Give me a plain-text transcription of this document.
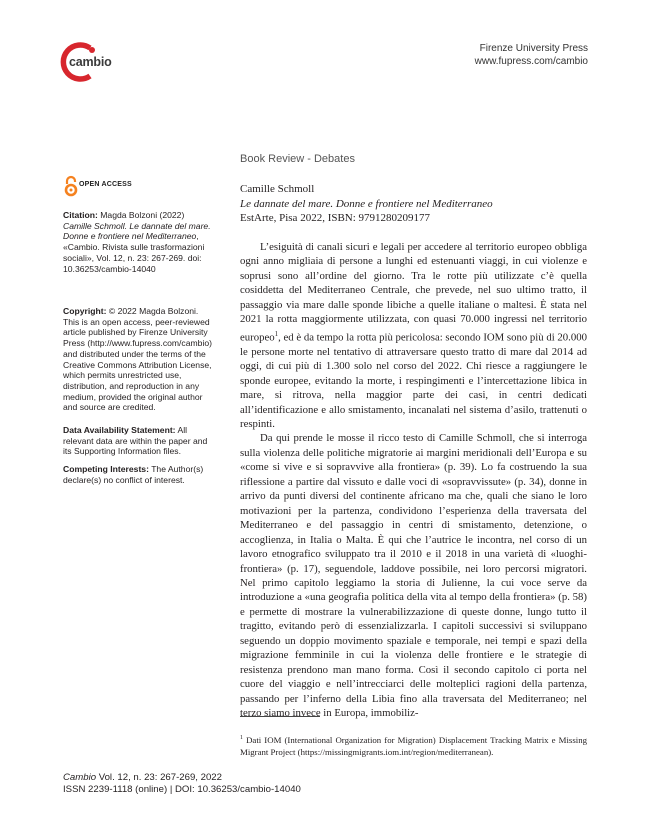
cambio
Firenze University Press
www.fupress.com/cambio
Book Review - Debates
OPEN ACCESS
Citation: Magda Bolzoni (2022) Camille Schmoll. Le dannate del mare. Donne e frontiere nel Mediterraneo, «Cambio. Rivista sulle trasformazioni sociali», Vol. 12, n. 23: 267-269. doi: 10.36253/cambio-14040
Copyright: © 2022 Magda Bolzoni. This is an open access, peer-reviewed article published by Firenze University Press (http://www.fupress.com/cambio) and distributed under the terms of the Creative Commons Attribution License, which permits unrestricted use, distribution, and reproduction in any medium, provided the original author and source are credited.
Data Availability Statement: All relevant data are within the paper and its Supporting Information files.
Competing Interests: The Author(s) declare(s) no conflict of interest.
Camille Schmoll
Le dannate del mare. Donne e frontiere nel Mediterraneo
EstArte, Pisa 2022, ISBN: 9791280209177

L’esiguità di canali sicuri e legali per accedere al territorio europeo obbliga ogni anno migliaia di persone a lunghi ed estenuanti viaggi, in cui violenze e soprusi sono all’ordine del giorno. Tra le rotte più utilizzate c’è quella cosiddetta del Mediterraneo Centrale, che prevede, nel suo ultimo tratto, il passaggio via mare dalle sponde libiche a quelle italiane o maltesi. È stata nel 2021 la rotta maggiormente utilizzata, con quasi 70.000 ingressi nel territorio europeo$^1$, ed è da tempo la rotta più pericolosa: secondo IOM sono più di 20.000 le persone morte nel tentativo di attraversare questo tratto di mare dal 2014 ad oggi, di cui più di 1.300 solo nel corso del 2022. Chi riesce a raggiungere le sponde europee, evitando la morte, i respingimenti e l’intercettazione libica in mare, si ritrova, nella maggior parte dei casi, in centri dedicati all’identificazione e allo smistamento, incanalati nel sistema d’asilo, trattenuti o respinti.

Da qui prende le mosse il ricco testo di Camille Schmoll, che si interroga sulla violenza delle politiche migratorie ai margini meridionali dell’Europa e su «come si vive e si sopravvive alla frontiera» (p. 39). Lo fa costruendo la sua riflessione a partire dal vissuto e dalle voci di «sopravvissute» (p. 34), donne in arrivo da punti diversi del continente africano ma che, quali che siano le loro motivazioni per la partenza, condividono l’esperienza della traversata del Mediterraneo e del passaggio in centri di smistamento, detenzione, o accoglienza, in Italia o Malta. È qui che l’autrice le incontra, nel corso di un lavoro etnografico sviluppato tra il 2010 e il 2018 in una varietà di «luoghi-frontiera» (p. 17), seguendole, laddove possibile, nei loro percorsi migratori. Nel primo capitolo leggiamo la storia di Julienne, la cui voce serve da introduzione a «una geografia politica della vita al tempo della frontiera» (p. 58) e permette di mostrare la vulnerabilizzazione di queste donne, lungo tutto il tragitto, evitando però di essenzializzarla. I capitoli successivi si sviluppano seguendo un doppio movimento spaziale e temporale, nei tempi e spazi della migrazione femminile in cui la violenza delle frontiere e le strategie di resistenza prendono man mano forma. Così il secondo capitolo ci porta nel cuore del viaggio e nell’intrecciarci delle molteplici ragioni della partenza, passando per l’inferno della Libia fino alla traversata del Mediterraneo; nel terzo siamo invece in Europa, immobiliz-

$^1$ Dati IOM (International Organization for Migration) Displacement Tracking Matrix e Missing Migrant Project (https://missingmigrants.iom.int/region/mediterranean).
Cambio Vol. 12, n. 23: 267-269, 2022
ISSN 2239-1118 (online) | DOI: 10.36253/cambio-14040
